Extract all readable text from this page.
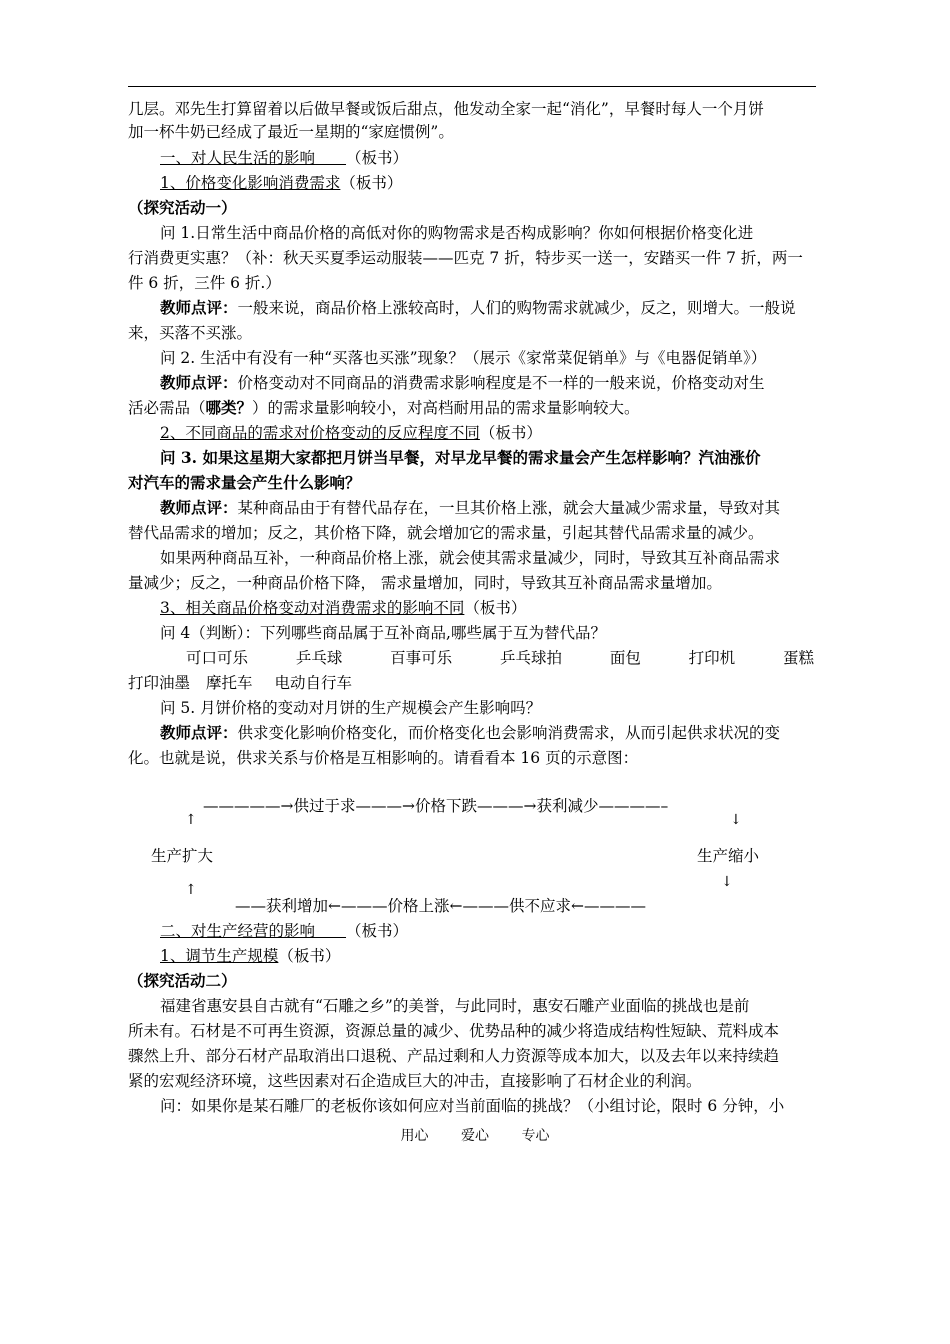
几层。邓先生打算留着以后做早餐或饭后甜点，他发动全家一起“消化”，早餐时每人一个月饼
加一杯牛奶已经成了最近一星期的“家庭惯例”。
一、对人民生活的影响   （板书）
1、价格变化影响消费需求（板书）
（探究活动一）
问 1.日常生活中商品价格的高低对你的购物需求是否构成影响？你如何根据价格变化进
行消费更实惠？（补：秋天买夏季运动服装——匹克 7 折，特步买一送一，安踏买一件 7 折，两一
件 6 折，三件 6 折.）
教师点评：一般来说，商品价格上涨较高时，人们的购物需求就减少，反之，则增大。一般说
来，买落不买涨。
问 2. 生活中有没有一种“买落也买涨”现象？（展示《家常菜促销单》与《电器促销单》）
教师点评：价格变动对不同商品的消费需求影响程度是不一样的一般来说，价格变动对生
活必需品（哪类？）的需求量影响较小，对高档耐用品的需求量影响较大。
2、不同商品的需求对价格变动的反应程度不同（板书）
问 3. 如果这星期大家都把月饼当早餐，对早龙早餐的需求量会产生怎样影响？汽油涨价
对汽车的需求量会产生什么影响？
教师点评：某种商品由于有替代品存在，一旦其价格上涨，就会大量减少需求量，导致对其
替代品需求的增加；反之，其价格下降，就会增加它的需求量，引起其替代品需求量的减少。
如果两种商品互补，一种商品价格上涨，就会使其需求量减少，同时，导致其互补商品需求
量减少；反之，一种商品价格下降， 需求量增加，同时，导致其互补商品需求量增加。
3、相关商品价格变动对消费需求的影响不同（板书）
问 4（判断）：下列哪些商品属于互补商品,哪些属于互为替代品？
可口可乐	乒乓球	百事可乐	乒乓球拍	面包	打印机	蛋糕
打印油墨 摩托车 电动自行车
问 5. 月饼价格的变动对月饼的生产规模会产生影响吗？
教师点评：供求变化影响价格变化，而价格变化也会影响消费需求，从而引起供求状况的变
化。也就是说，供求关系与价格是互相影响的。请看看本 16 页的示意图：
—————→供过于求———→价格下跌———→获利减少————–
↑	↓
生产扩大	生产缩小
↓
↑
——获利增加←———价格上涨←———供不应求←————
二、对生产经营的影响   （板书）
1、调节生产规模（板书）
（探究活动二）
福建省惠安县自古就有“石雕之乡”的美誉，与此同时，惠安石雕产业面临的挑战也是前
所未有。石材是不可再生资源，资源总量的减少、优势品种的减少将造成结构性短缺、荒料成本
骤然上升、部分石材产品取消出口退税、产品过剩和人力资源等成本加大，以及去年以来持续趋
紧的宏观经济环境，这些因素对石企造成巨大的冲击，直接影响了石材企业的利润。
问：如果你是某石雕厂的老板你该如何应对当前面临的挑战？（小组讨论，限时 6 分钟，小
用心 爱心 专心
